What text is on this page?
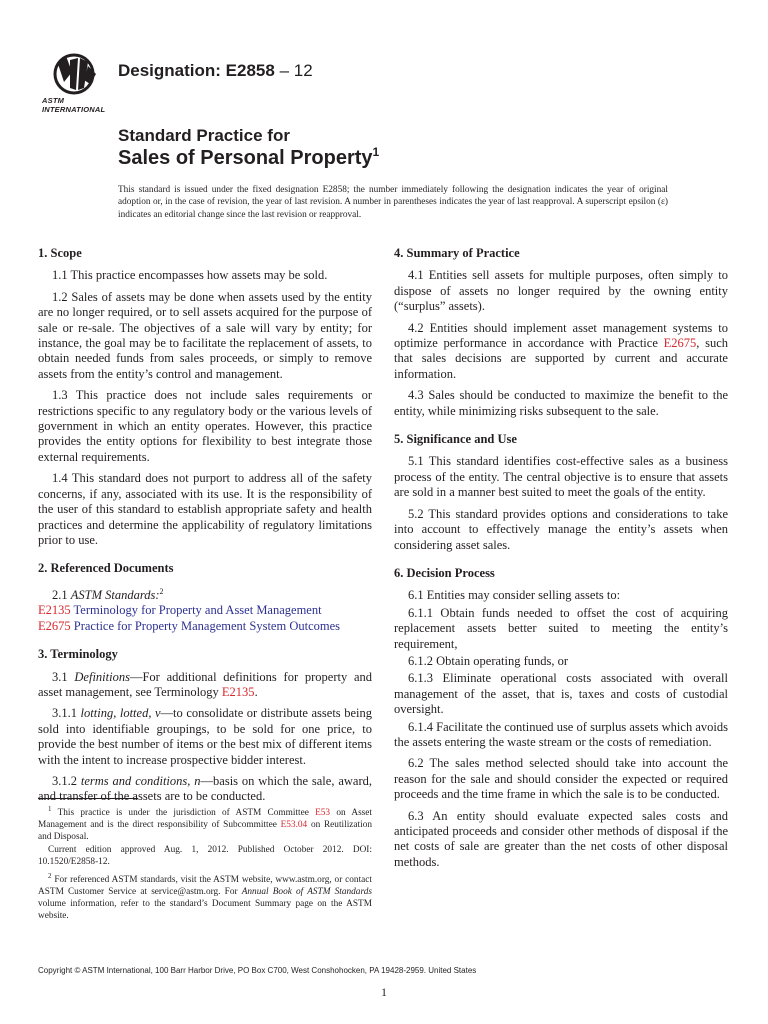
ASTM INTERNATIONAL
Designation: E2858 – 12
Standard Practice for
Sales of Personal Property$^1$
This standard is issued under the fixed designation E2858; the number immediately following the designation indicates the year of original adoption or, in the case of revision, the year of last revision. A number in parentheses indicates the year of last reapproval. A superscript epsilon (ε) indicates an editorial change since the last revision or reapproval.
1. Scope

1.1 This practice encompasses how assets may be sold.

1.2 Sales of assets may be done when assets used by the entity are no longer required, or to sell assets acquired for the purpose of sale or re-sale. The objectives of a sale will vary by entity; for instance, the goal may be to facilitate the replacement of assets, to obtain needed funds from sales proceeds, or simply to remove assets from the entity’s control and management.

1.3 This practice does not include sales requirements or restrictions specific to any regulatory body or the various levels of government in which an entity operates. However, this practice provides the entity options for flexibility to best integrate those external requirements.

1.4 This standard does not purport to address all of the safety concerns, if any, associated with its use. It is the responsibility of the user of this standard to establish appropriate safety and health practices and determine the applicability of regulatory limitations prior to use.

2. Referenced Documents

2.1 ASTM Standards:$^2$

E2135 Terminology for Property and Asset Management

E2675 Practice for Property Management System Outcomes

3. Terminology

3.1 Definitions—For additional definitions for property and asset management, see Terminology E2135.

3.1.1 lotting, lotted, v—to consolidate or distribute assets being sold into identifiable groupings, to be sold for one price, to provide the best number of items or the best mix of different items with the intent to increase prospective bidder interest.

3.1.2 terms and conditions, n—basis on which the sale, award, and transfer of the assets are to be conducted.

4. Summary of Practice

4.1 Entities sell assets for multiple purposes, often simply to dispose of assets no longer required by the owning entity (“surplus” assets).

4.2 Entities should implement asset management systems to optimize performance in accordance with Practice E2675, such that sales decisions are supported by current and accurate information.

4.3 Sales should be conducted to maximize the benefit to the entity, while minimizing risks subsequent to the sale.

5. Significance and Use

5.1 This standard identifies cost-effective sales as a business process of the entity. The central objective is to ensure that assets are sold in a manner best suited to meet the goals of the entity.

5.2 This standard provides options and considerations to take into account to effectively manage the entity’s assets when considering asset sales.

6. Decision Process

6.1 Entities may consider selling assets to:

6.1.1 Obtain funds needed to offset the cost of acquiring replacement assets better suited to meeting the entity’s requirement,

6.1.2 Obtain operating funds, or

6.1.3 Eliminate operational costs associated with overall management of the asset, that is, taxes and costs of custodial oversight.

6.1.4 Facilitate the continued use of surplus assets which avoids the assets entering the waste stream or the costs of remediation.

6.2 The sales method selected should take into account the reason for the sale and should consider the expected or required proceeds and the time frame in which the sale is to be conducted.

6.3 An entity should evaluate expected sales costs and anticipated proceeds and consider other methods of disposal if the net costs of sale are greater than the net costs of other disposal methods.

$^1$ This practice is under the jurisdiction of ASTM Committee E53 on Asset Management and is the direct responsibility of Subcommittee E53.04 on Reutilization and Disposal.

Current edition approved Aug. 1, 2012. Published October 2012. DOI: 10.1520/E2858-12.

$^2$ For referenced ASTM standards, visit the ASTM website, www.astm.org, or contact ASTM Customer Service at service@astm.org. For Annual Book of ASTM Standards volume information, refer to the standard’s Document Summary page on the ASTM website.

Copyright © ASTM International, 100 Barr Harbor Drive, PO Box C700, West Conshohocken, PA 19428-2959. United States
1
